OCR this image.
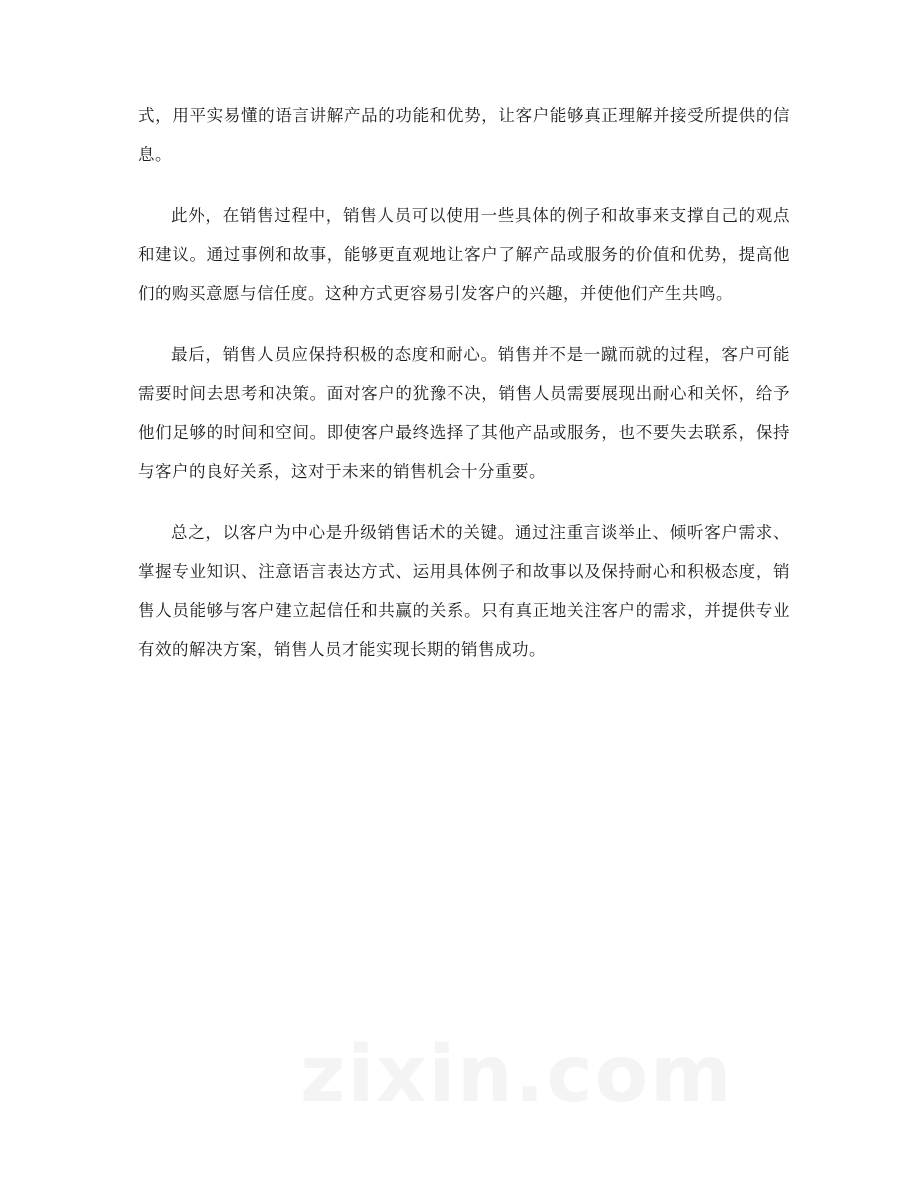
式，用平实易懂的语言讲解产品的功能和优势，让客户能够真正理解并接受所提供的信息。

此外，在销售过程中，销售人员可以使用一些具体的例子和故事来支撑自己的观点和建议。通过事例和故事，能够更直观地让客户了解产品或服务的价值和优势，提高他们的购买意愿与信任度。这种方式更容易引发客户的兴趣，并使他们产生共鸣。

最后，销售人员应保持积极的态度和耐心。销售并不是一蹴而就的过程，客户可能需要时间去思考和决策。面对客户的犹豫不决，销售人员需要展现出耐心和关怀，给予他们足够的时间和空间。即使客户最终选择了其他产品或服务，也不要失去联系，保持与客户的良好关系，这对于未来的销售机会十分重要。

总之，以客户为中心是升级销售话术的关键。通过注重言谈举止、倾听客户需求、掌握专业知识、注意语言表达方式、运用具体例子和故事以及保持耐心和积极态度，销售人员能够与客户建立起信任和共赢的关系。只有真正地关注客户的需求，并提供专业有效的解决方案，销售人员才能实现长期的销售成功。

zixin.com
